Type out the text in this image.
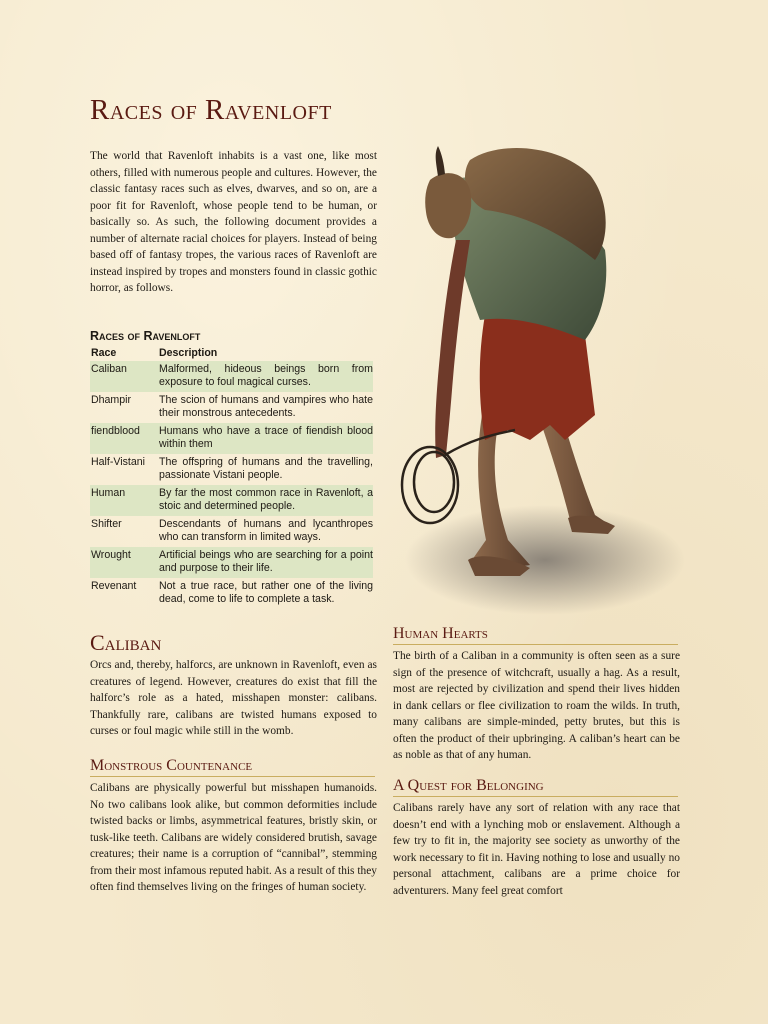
Races of Ravenloft

The world that Ravenloft inhabits is a vast one, like most others, filled with numerous people and cultures. However, the classic fantasy races such as elves, dwarves, and so on, are a poor fit for Ravenloft, whose people tend to be human, or basically so. As such, the following document provides a number of alternate racial choices for players. Instead of being based off of fantasy tropes, the various races of Ravenloft are instead inspired by tropes and monsters found in classic gothic horror, as follows.

Races of Ravenloft
Race	Description
Caliban	Malformed, hideous beings born from exposure to foul magical curses.
Dhampir	The scion of humans and vampires who hate their monstrous antecedents.
fiendblood	Humans who have a trace of fiendish blood within them
Half-Vistani	The offspring of humans and the travelling, passionate Vistani people.
Human	By far the most common race in Ravenloft, a stoic and determined people.
Shifter	Descendants of humans and lycanthropes who can transform in limited ways.
Wrought	Artificial beings who are searching for a point and purpose to their life.
Revenant	Not a true race, but rather one of the living dead, come to life to complete a task.
Caliban

Orcs and, thereby, halforcs, are unknown in Ravenloft, even as creatures of legend. However, creatures do exist that fill the halforc’s role as a hated, misshapen monster: calibans. Thankfully rare, calibans are twisted humans exposed to curses or foul magic while still in the womb.

Monstrous Countenance

Calibans are physically powerful but misshapen humanoids. No two calibans look alike, but common deformities include twisted backs or limbs, asymmetrical features, bristly skin, or tusk-like teeth. Calibans are widely considered brutish, savage creatures; their name is a corruption of “cannibal”, stemming from their most infamous reputed habit. As a result of this they often find themselves living on the fringes of human society.

Human Hearts

The birth of a Caliban in a community is often seen as a sure sign of the presence of witchcraft, usually a hag. As a result, most are rejected by civilization and spend their lives hidden in dank cellars or flee civilization to roam the wilds. In truth, many calibans are simple-minded, petty brutes, but this is often the product of their upbringing. A caliban’s heart can be as noble as that of any human.

A Quest for Belonging

Calibans rarely have any sort of relation with any race that doesn’t end with a lynching mob or enslavement. Although a few try to fit in, the majority see society as unworthy of the work necessary to fit in. Having nothing to lose and usually no personal attachment, calibans are a prime choice for adventurers. Many feel great comfort
